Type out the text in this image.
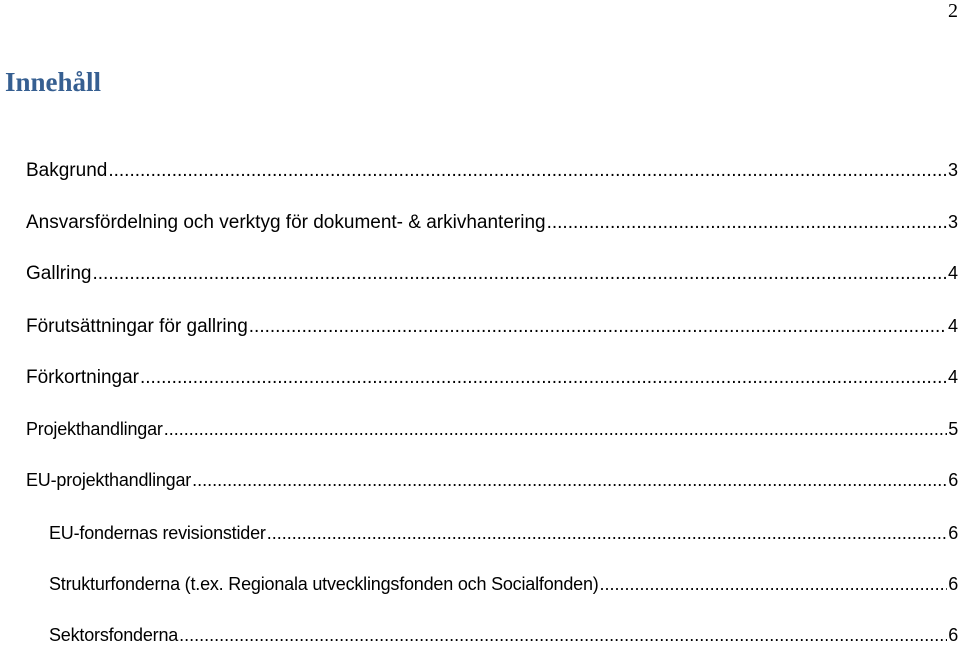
2
Innehåll
Bakgrund .....	3
Ansvarsfördelning och verktyg för dokument- & arkivhantering .....	3
Gallring .....	4
Förutsättningar för gallring .....	4
Förkortningar .....	4
Projekthandlingar .....	5
EU-projekthandlingar .....	6
EU-fondernas revisionstider .....	6
Strukturfonderna (t.ex. Regionala utvecklingsfonden och Socialfonden) .....	6
Sektorsfonderna .....	6
